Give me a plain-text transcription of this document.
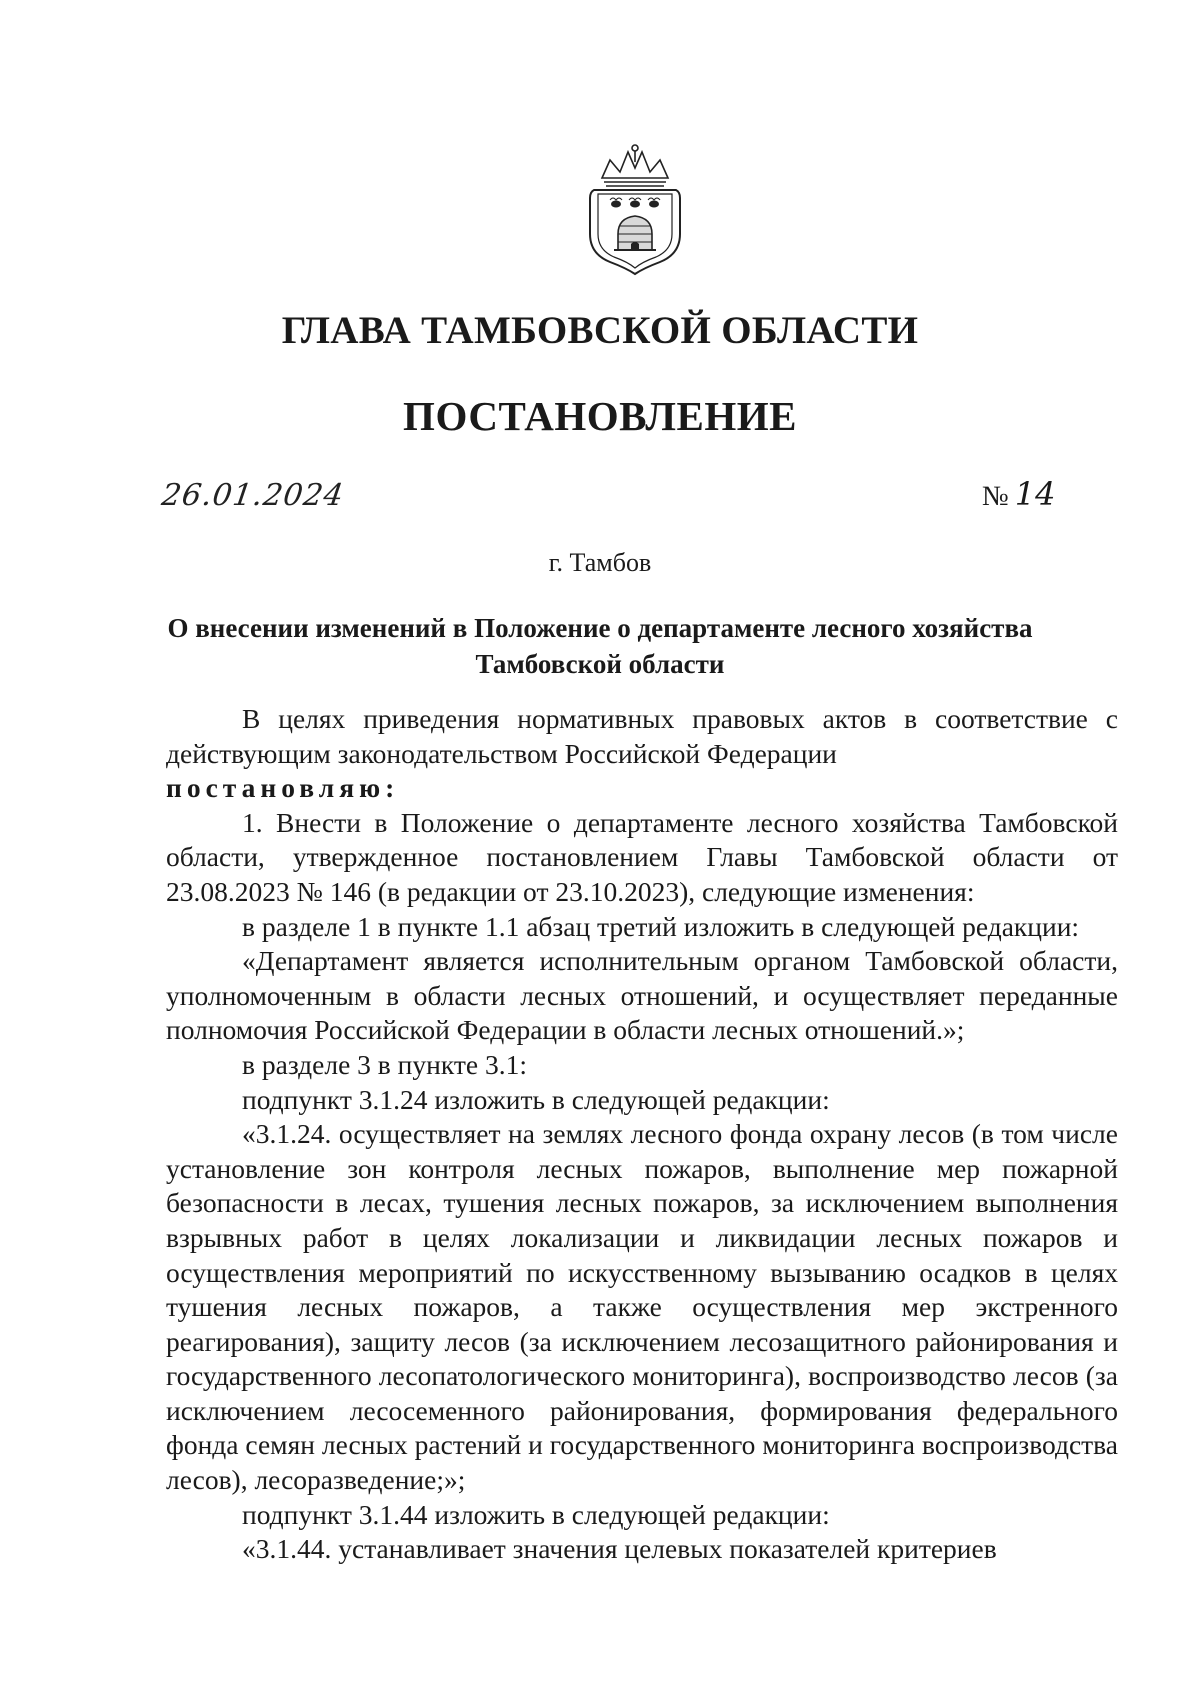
ГЛАВА ТАМБОВСКОЙ ОБЛАСТИ
ПОСТАНОВЛЕНИЕ
26.01.2024	№ 14
г. Тамбов
О внесении изменений в Положение о департаменте лесного хозяйства
Тамбовской области

В целях приведения нормативных правовых актов в соответствие с действующим законодательством Российской Федерации

постановляю:

1. Внести в Положение о департаменте лесного хозяйства Тамбовской области, утвержденное постановлением Главы Тамбовской области от 23.08.2023 № 146 (в редакции от 23.10.2023), следующие изменения:

в разделе 1 в пункте 1.1 абзац третий изложить в следующей редакции:

«Департамент является исполнительным органом Тамбовской области, уполномоченным в области лесных отношений, и осуществляет переданные полномочия Российской Федерации в области лесных отношений.»;

в разделе 3 в пункте 3.1:

подпункт 3.1.24 изложить в следующей редакции:

«3.1.24. осуществляет на землях лесного фонда охрану лесов (в том числе установление зон контроля лесных пожаров, выполнение мер пожарной безопасности в лесах, тушения лесных пожаров, за исключением выполнения взрывных работ в целях локализации и ликвидации лесных пожаров и осуществления мероприятий по искусственному вызыванию осадков в целях тушения лесных пожаров, а также осуществления мер экстренного реагирования), защиту лесов (за исключением лесозащитного районирования и государственного лесопатологического мониторинга), воспроизводство лесов (за исключением лесосеменного районирования, формирования федерального фонда семян лесных растений и государственного мониторинга воспроизводства лесов), лесоразведение;»;

подпункт 3.1.44 изложить в следующей редакции:

«3.1.44. устанавливает значения целевых показателей критериев
